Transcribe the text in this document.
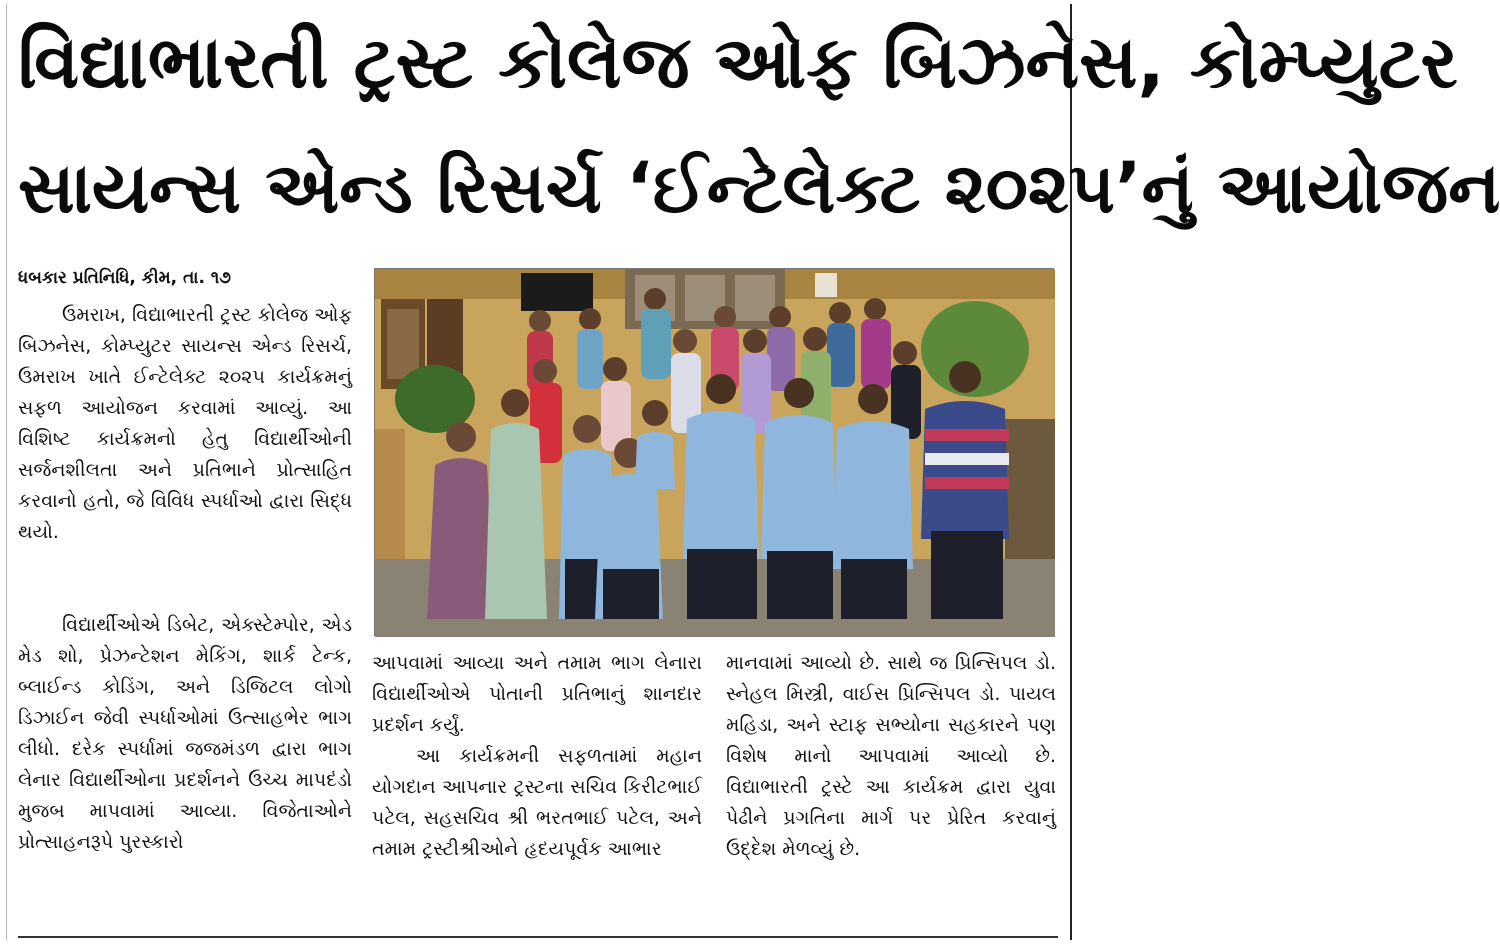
વિદ્યાભારતી ટ્રસ્ટ કોલેજ ઓફ બિઝનેસ, કોમ્પ્યુટર
સાયન્સ એન્ડ રિસર્ચ ‘ઈન્ટેલેક્ટ ૨૦૨૫’નું આયોજન
ધબકાર પ્રતિનિધિ, કીમ, તા. ૧૭

ઉમરાખ, વિદ્યાભારતી ટ્રસ્ટ કોલેજ ઓફ બિઝનેસ, કોમ્પ્યુટર સાયન્સ એન્ડ રિસર્ચ, ઉમરાખ ખાતે ઈન્ટેલેક્ટ ૨૦૨૫ કાર્યક્રમનું સફળ આયોજન કરવામાં આવ્યું. આ વિશિષ્ટ કાર્યક્રમનો હેતુ વિદ્યાર્થીઓની સર્જનશીલતા અને પ્રતિભાને પ્રોત્સાહિત કરવાનો હતો, જે વિવિધ સ્પર્ધાઓ દ્વારા સિદ્ધ થયો.

વિદ્યાર્થીઓએ ડિબેટ, એક્સ્ટેમ્પોર, એડ મેડ શો, પ્રેઝન્ટેશન મેકિંગ, શાર્ક ટેન્ક, બ્લાઈન્ડ કોડિંગ, અને ડિજિટલ લોગો ડિઝાઈન જેવી સ્પર્ધાઓમાં ઉત્સાહભેર ભાગ લીધો. દરેક સ્પર્ધામાં જજમંડળ દ્વારા ભાગ લેનાર વિદ્યાર્થીઓના પ્રદર્શનને ઉચ્ચ માપદંડો મુજબ માપવામાં આવ્યા. વિજેતાઓને પ્રોત્સાહનરૂપે પુરસ્કારો

આપવામાં આવ્યા અને તમામ ભાગ લેનારા વિદ્યાર્થીઓએ પોતાની પ્રતિભાનું શાનદાર પ્રદર્શન કર્યું.

આ કાર્યક્રમની સફળતામાં મહાન યોગદાન આપનાર ટ્રસ્ટના સચિવ કિરીટભાઈ પટેલ, સહસચિવ શ્રી ભરતભાઈ પટેલ, અને તમામ ટ્રસ્ટીશ્રીઓને હૃદયપૂર્વક આભાર

માનવામાં આવ્યો છે. સાથે જ પ્રિન્સિપલ ડો. સ્નેહલ મિસ્ત્રી, વાઈસ પ્રિન્સિપલ ડો. પાયલ મહિડા, અને સ્ટાફ સભ્યોના સહકારને પણ વિશેષ માનો આપવામાં આવ્યો છે. વિદ્યાભારતી ટ્રસ્ટે આ કાર્યક્રમ દ્વારા યુવા પેઢીને પ્રગતિના માર્ગ પર પ્રેરિત કરવાનું ઉદ્દેશ મેળવ્યું છે.
